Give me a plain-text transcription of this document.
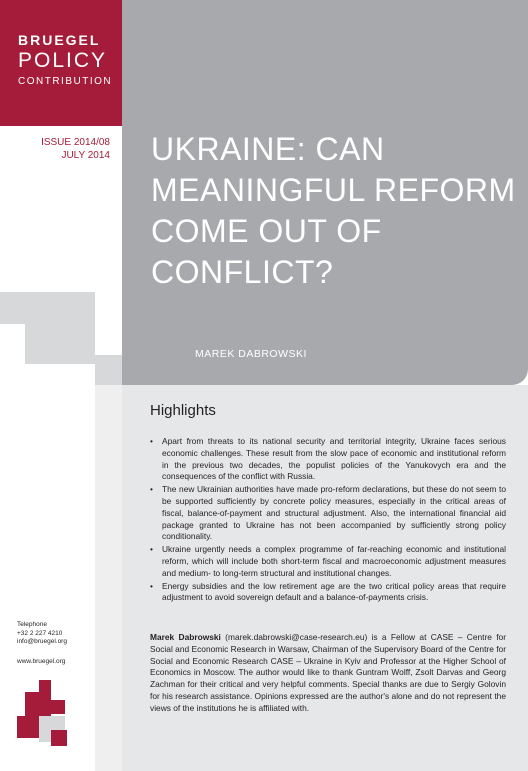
BRUEGEL
POLICY
CONTRIBUTION
ISSUE 2014/08
JULY 2014 UKRAINE: CAN MEANINGFUL REFORM COME OUT OF CONFLICT?
MAREK DABROWSKI
Highlights
• Apart from threats to its national security and territorial integrity, Ukraine faces serious economic challenges. These result from the slow pace of economic and institutional reform in the previous two decades, the populist policies of the Yanukovych era and the consequences of the conflict with Russia.
• The new Ukrainian authorities have made pro-reform declarations, but these do not seem to be supported sufficiently by concrete policy measures, especially in the critical areas of fiscal, balance-of-payment and structural adjustment. Also, the international financial aid package granted to Ukraine has not been accompanied by sufficiently strong policy conditionality.
• Ukraine urgently needs a complex programme of far-reaching economic and institutional reform, which will include both short-term fiscal and macroeconomic adjustment measures and medium- to long-term structural and institutional changes.
• Energy subsidies and the low retirement age are the two critical policy areas that require adjustment to avoid sovereign default and a balance-of-payments crisis.

Marek Dabrowski (marek.dabrowski@case-research.eu) is a Fellow at CASE – Centre for Social and Economic Research in Warsaw, Chairman of the Supervisory Board of the Centre for Social and Economic Research CASE – Ukraine in Kyiv and Professor at the Higher School of Economics in Moscow. The author would like to thank Guntram Wolff, Zsolt Darvas and Georg Zachman for their critical and very helpful comments. Special thanks are due to Sergiy Golovin for his research assistance. Opinions expressed are the author's alone and do not represent the views of the institutions he is affiliated with.

Telephone
+32 2 227 4210
info@bruegel.org
www.bruegel.org
